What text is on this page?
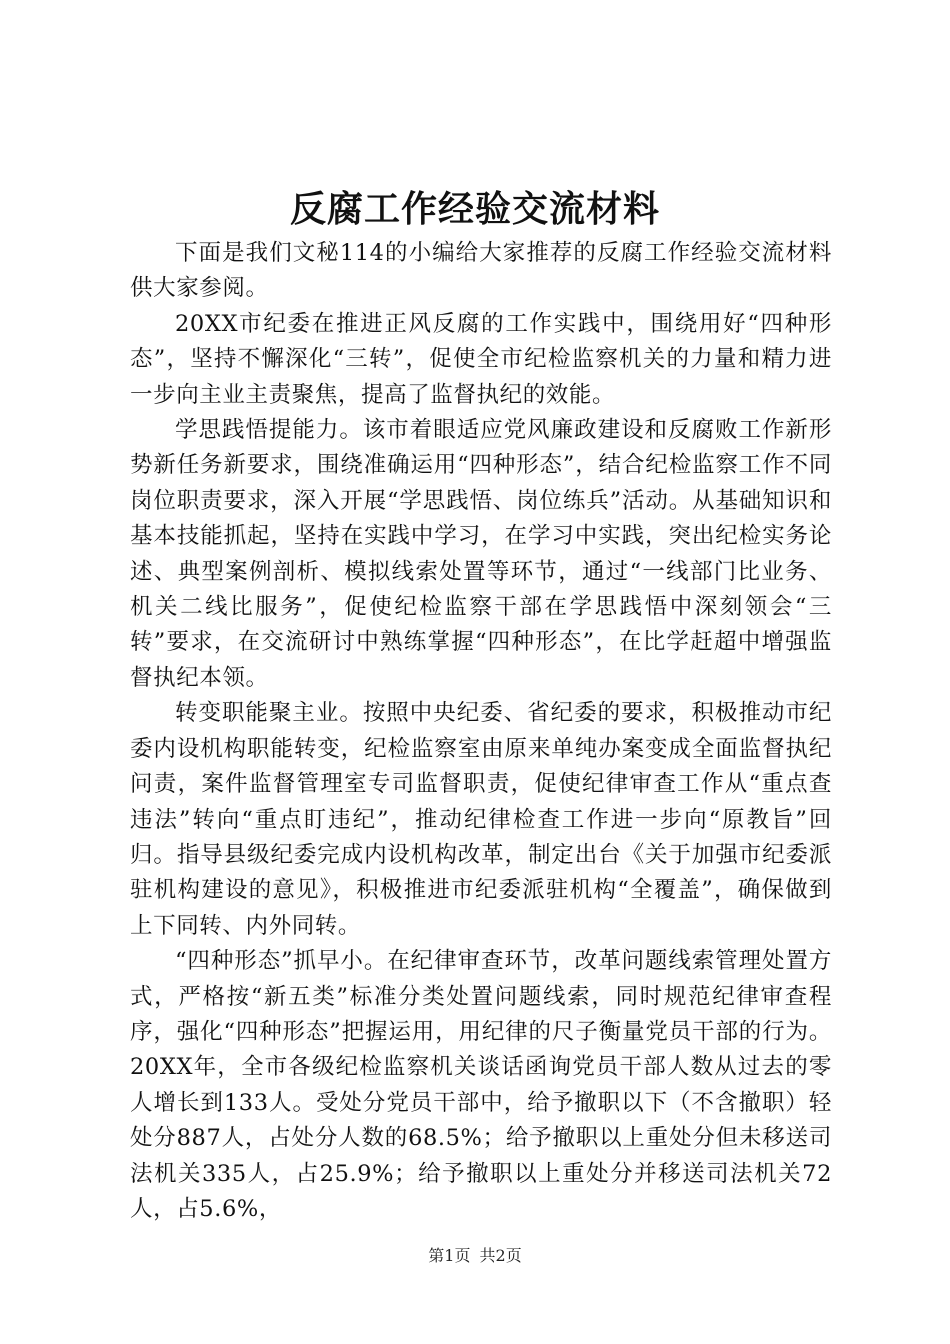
反腐工作经验交流材料

下面是我们文秘114的小编给大家推荐的反腐工作经验交流材料供大家参阅。

20XX市纪委在推进正风反腐的工作实践中，围绕用好“四种形态”，坚持不懈深化“三转”，促使全市纪检监察机关的力量和精力进一步向主业主责聚焦，提高了监督执纪的效能。

学思践悟提能力。该市着眼适应党风廉政建设和反腐败工作新形势新任务新要求，围绕准确运用“四种形态”，结合纪检监察工作不同岗位职责要求，深入开展“学思践悟、岗位练兵”活动。从基础知识和基本技能抓起，坚持在实践中学习，在学习中实践，突出纪检实务论述、典型案例剖析、模拟线索处置等环节，通过“一线部门比业务、机关二线比服务”，促使纪检监察干部在学思践悟中深刻领会“三转”要求，在交流研讨中熟练掌握“四种形态”，在比学赶超中增强监督执纪本领。

转变职能聚主业。按照中央纪委、省纪委的要求，积极推动市纪委内设机构职能转变，纪检监察室由原来单纯办案变成全面监督执纪问责，案件监督管理室专司监督职责，促使纪律审查工作从“重点查违法”转向“重点盯违纪”，推动纪律检查工作进一步向“原教旨”回归。指导县级纪委完成内设机构改革，制定出台《关于加强市纪委派驻机构建设的意见》，积极推进市纪委派驻机构“全覆盖”，确保做到上下同转、内外同转。

“四种形态”抓早小。在纪律审查环节，改革问题线索管理处置方式，严格按“新五类”标准分类处置问题线索，同时规范纪律审查程序，强化“四种形态”把握运用，用纪律的尺子衡量党员干部的行为。20XX年，全市各级纪检监察机关谈话函询党员干部人数从过去的零人增长到133人。受处分党员干部中，给予撤职以下（不含撤职）轻处分887人，占处分人数的68.5%；给予撤职以上重处分但未移送司法机关335人，占25.9%；给予撤职以上重处分并移送司法机关72人，占5.6%，

第1页 共2页
